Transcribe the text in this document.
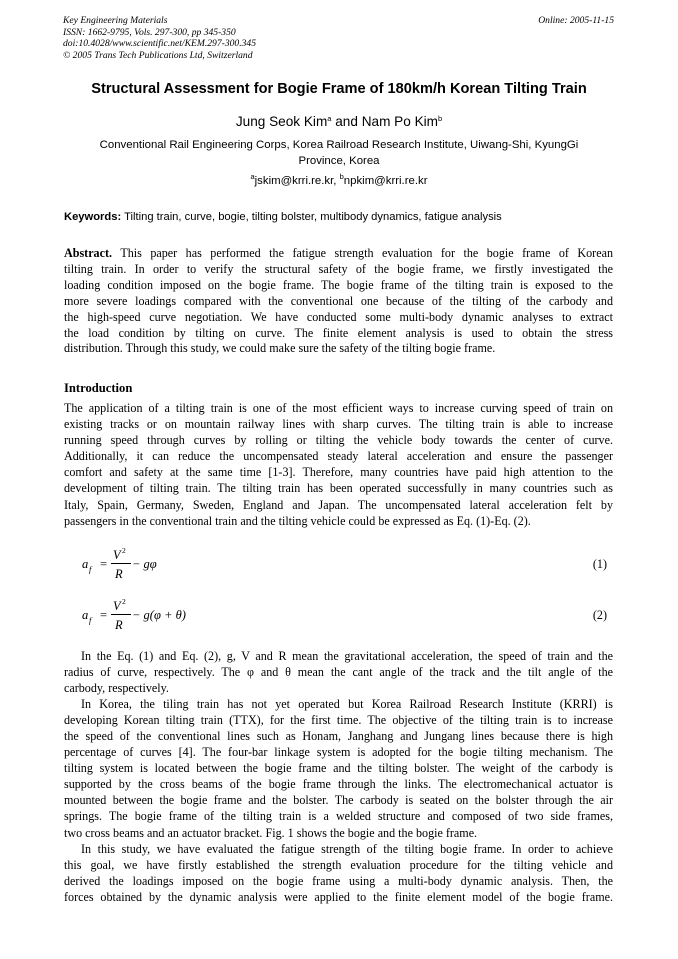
Key Engineering Materials
ISSN: 1662-9795, Vols. 297-300, pp 345-350
doi:10.4028/www.scientific.net/KEM.297-300.345
© 2005 Trans Tech Publications Ltd, Switzerland
Online: 2005-11-15
Structural Assessment for Bogie Frame of 180km/h Korean Tilting Train
Jung Seok Kim$^a$ and Nam Po Kim$^b$
Conventional Rail Engineering Corps, Korea Railroad Research Institute, Uiwang-Shi, KyungGi
Province, Korea
$^a$jskim@krri.re.kr, $^b$npkim@krri.re.kr
Keywords: Tilting train, curve, bogie, tilting bolster, multibody dynamics, fatigue analysis
Abstract. This paper has performed the fatigue strength evaluation for the bogie frame of Korean
tilting train. In order to verify the structural safety of the bogie frame, we firstly investigated the
loading condition imposed on the bogie frame. The bogie frame of the tilting train is exposed to the
more severe loadings compared with the conventional one because of the tilting of the carbody and
the high-speed curve negotiation. We have conducted some multi-body dynamic analyses to extract
the load condition by tilting on curve. The finite element analysis is used to obtain the stress
distribution. Through this study, we could make sure the safety of the tilting bogie frame.
Introduction
The application of a tilting train is one of the most efficient ways to increase curving speed of train on
existing tracks or on mountain railway lines with sharp curves. The tilting train is able to increase
running speed through curves by rolling or tilting the vehicle body towards the center of curve.
Additionally, it can reduce the uncompensated steady lateral acceleration and ensure the passenger
comfort and safety at the same time [1-3]. Therefore, many countries have paid high attention to the
development of tilting train. The tilting train has been operated successfully in many countries such as
Italy, Spain, Germany, Sweden, England and Japan. The uncompensated lateral acceleration felt by
passengers in the conventional train and the tilting vehicle could be expressed as Eq. (1)-Eq. (2).
a f =
V 2
R
− gφ	(1)
a f =
V 2
R
− g(φ + θ)	(2)
In the Eq. (1) and Eq. (2), g, V and R mean the gravitational acceleration, the speed of train and the
radius of curve, respectively. The φ and θ mean the cant angle of the track and the tilt angle of the
carbody, respectively.
In Korea, the tiling train has not yet operated but Korea Railroad Research Institute (KRRI) is
developing Korean tilting train (TTX), for the first time. The objective of the tilting train is to increase
the speed of the conventional lines such as Honam, Janghang and Jungang lines because there is high
percentage of curves [4]. The four-bar linkage system is adopted for the bogie tilting mechanism. The
tilting system is located between the bogie frame and the tilting bolster. The weight of the carbody is
supported by the cross beams of the bogie frame through the links. The electromechanical actuator is
mounted between the bogie frame and the bolster. The carbody is seated on the bolster through the air
springs. The bogie frame of the tilting train is a welded structure and composed of two side frames,
two cross beams and an actuator bracket. Fig. 1 shows the bogie and the bogie frame.
In this study, we have evaluated the fatigue strength of the tilting bogie frame. In order to achieve
this goal, we have firstly established the strength evaluation procedure for the tilting vehicle and
derived the loadings imposed on the bogie frame using a multi-body dynamic analysis. Then, the
forces obtained by the dynamic analysis were applied to the finite element model of the bogie frame.
